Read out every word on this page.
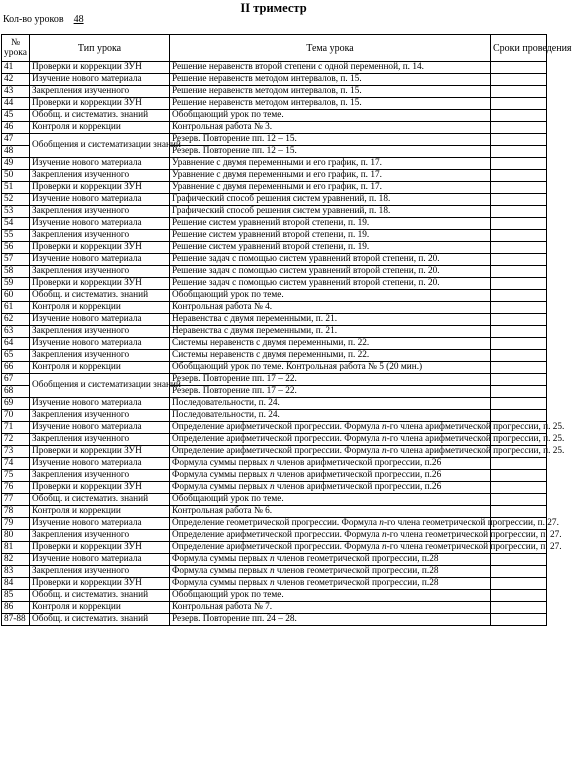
II триместр
Кол-во уроков 48
№ урока	Тип урока	Тема урока	Сроки проведения
41	Проверки и коррекции ЗУН	Решение неравенств второй степени с одной переменной, п. 14.	
42	Изучение нового материала	Решение неравенств методом интервалов, п. 15.	
43	Закрепления изученного	Решение неравенств методом интервалов, п. 15.	
44	Проверки и коррекции ЗУН	Решение неравенств методом интервалов, п. 15.	
45	Обобщ. и систематиз. знаний	Обобщающий урок по теме.	
46	Контроля и коррекции	Контрольная работа № 3.	
47	Обобщения и систематизации знаний	Резерв. Повторение пп. 12 – 15.	
48		Резерв. Повторение пп. 12 – 15.	
49	Изучение нового материала	Уравнение с двумя переменными и его график, п. 17.	
50	Закрепления изученного	Уравнение с двумя переменными и его график, п. 17.	
51	Проверки и коррекции ЗУН	Уравнение с двумя переменными и его график, п. 17.	
52	Изучение нового материала	Графический способ решения систем уравнений, п. 18.	
53	Закрепления изученного	Графический способ решения систем уравнений, п. 18.	
54	Изучение нового материала	Решение систем уравнений второй степени, п. 19.	
55	Закрепления изученного	Решение систем уравнений второй степени, п. 19.	
56	Проверки и коррекции ЗУН	Решение систем уравнений второй степени, п. 19.	
57	Изучение нового материала	Решение задач с помощью систем уравнений второй степени, п. 20.	
58	Закрепления изученного	Решение задач с помощью систем уравнений второй степени, п. 20.	
59	Проверки и коррекции ЗУН	Решение задач с помощью систем уравнений второй степени, п. 20.	
60	Обобщ. и систематиз. знаний	Обобщающий урок по теме.	
61	Контроля и коррекции	Контрольная работа № 4.	
62	Изучение нового материала	Неравенства с двумя переменными, п. 21.	
63	Закрепления изученного	Неравенства с двумя переменными, п. 21.	
64	Изучение нового материала	Системы неравенств с двумя переменными, п. 22.	
65	Закрепления изученного	Системы неравенств с двумя переменными, п. 22.	
66	Контроля и коррекции	Обобщающий урок по теме. Контрольная работа № 5 (20 мин.)	
67	Обобщения и систематизации знаний	Резерв. Повторение пп. 17 – 22.	
68		Резерв. Повторение пп. 17 – 22.	
69	Изучение нового материала	Последовательности, п. 24.	
70	Закрепления изученного	Последовательности, п. 24.	
71	Изучение нового материала	Определение арифметической прогрессии. Формула n-го члена арифметической прогрессии, п. 25.	
72	Закрепления изученного	Определение арифметической прогрессии. Формула n-го члена арифметической прогрессии, п. 25.	
73	Проверки и коррекции ЗУН	Определение арифметической прогрессии. Формула n-го члена арифметической прогрессии, п. 25.	
74	Изучение нового материала	Формула суммы первых n членов арифметической прогрессии, п.26	
75	Закрепления изученного	Формула суммы первых n членов арифметической прогрессии, п.26	
76	Проверки и коррекции ЗУН	Формула суммы первых n членов арифметической прогрессии, п.26	
77	Обобщ. и систематиз. знаний	Обобщающий урок по теме.	
78	Контроля и коррекции	Контрольная работа № 6.	
79	Изучение нового материала	Определение геометрической прогрессии. Формула n-го члена геометрической прогрессии, п. 27.	
80	Закрепления изученного	Определение арифметической прогрессии. Формула n-го члена геометрической прогрессии, п. 27.	
81	Проверки и коррекции ЗУН	Определение арифметической прогрессии. Формула n-го члена геометрической прогрессии, п. 27.	
82	Изучение нового материала	Формула суммы первых n членов геометрической прогрессии, п.28	
83	Закрепления изученного	Формула суммы первых n членов геометрической прогрессии, п.28	
84	Проверки и коррекции ЗУН	Формула суммы первых n членов геометрической прогрессии, п.28	
85	Обобщ. и систематиз. знаний	Обобщающий урок по теме.	
86	Контроля и коррекции	Контрольная работа № 7.	
87-88	Обобщ. и систематиз. знаний	Резерв. Повторение пп. 24 – 28.	
